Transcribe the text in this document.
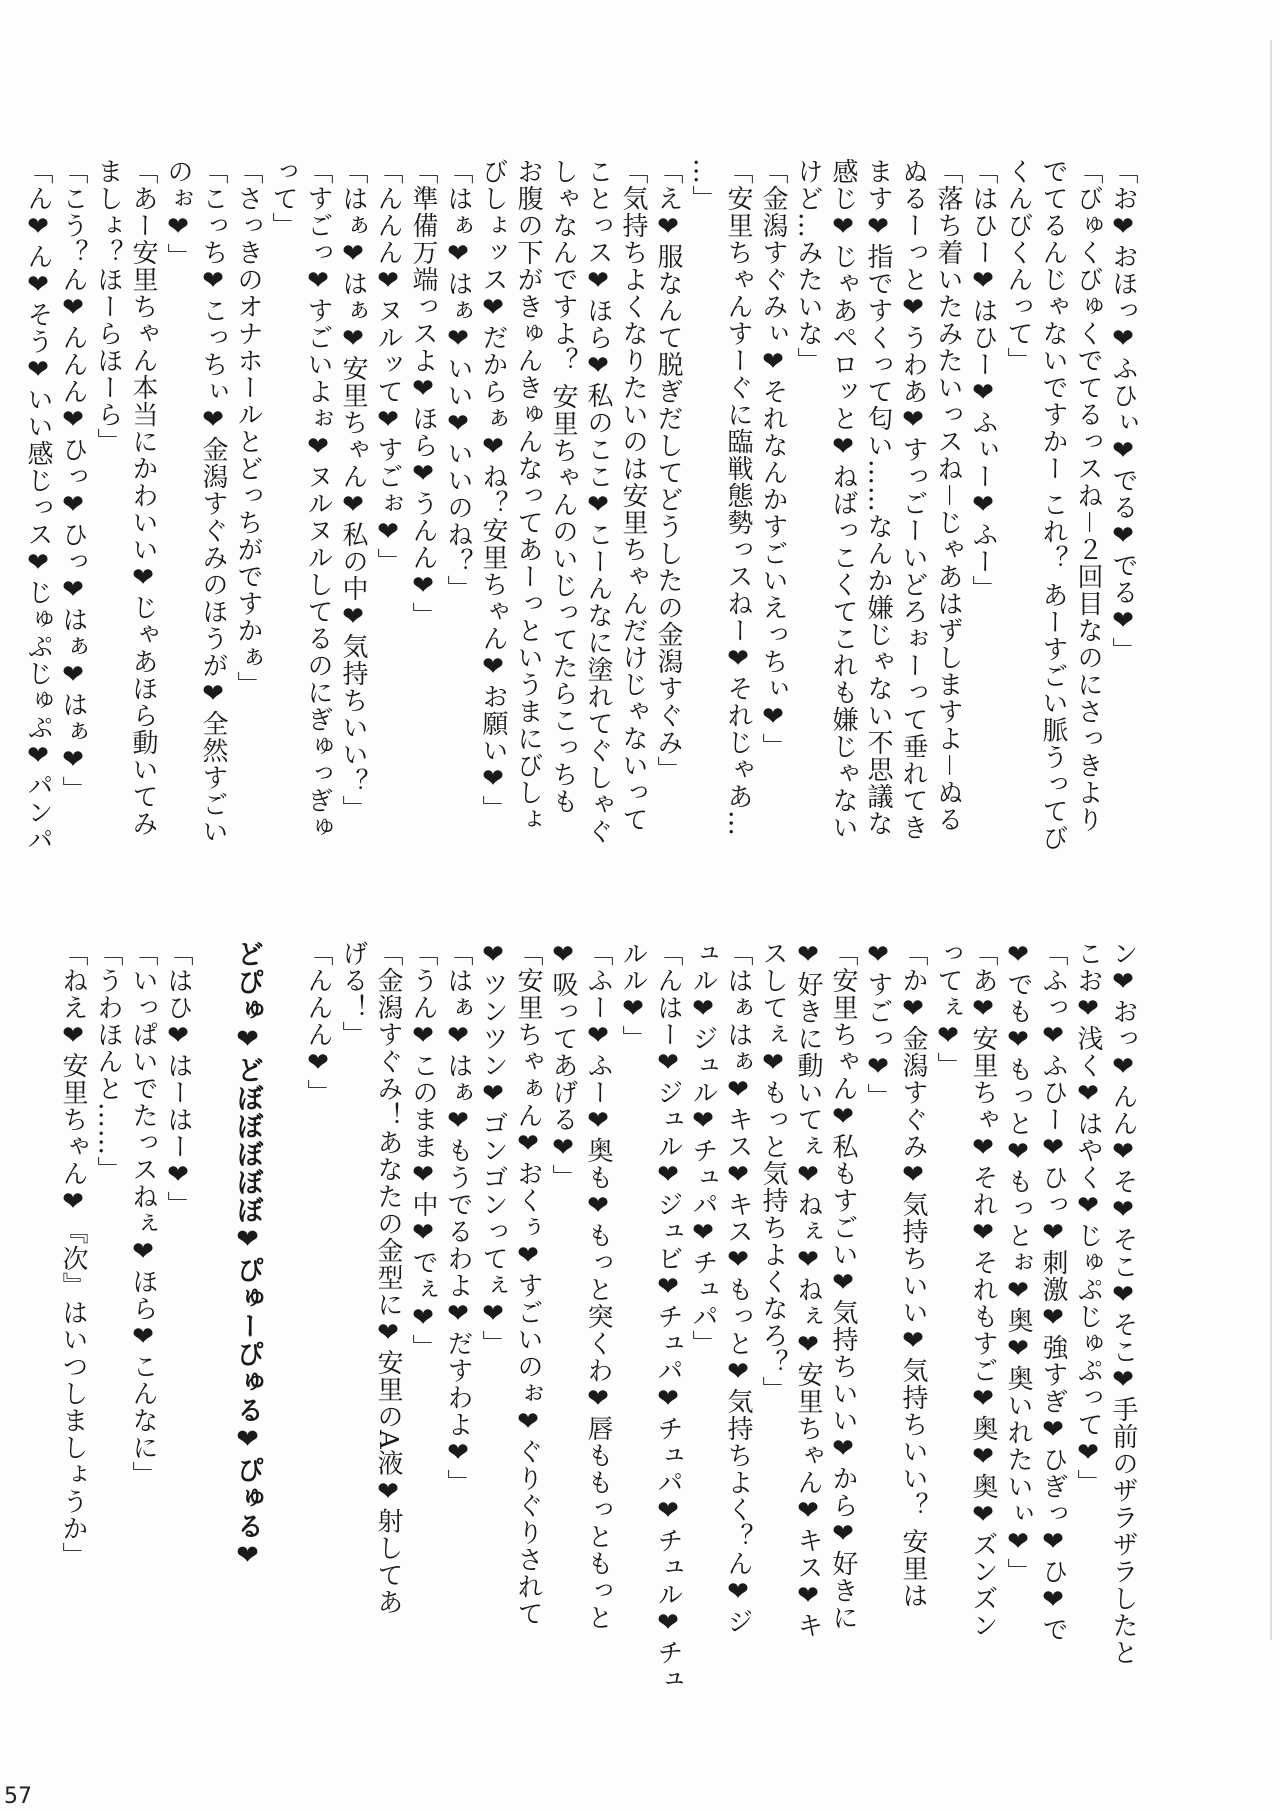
「お❤おほっ❤ふひぃ❤でる❤でる❤」
「びゅくびゅくでてるっスね－２回目なのにさっきより
でてるんじゃないですかー これ？ あーすごい脈うってび
くんびくんって」
「はひー❤はひー❤ふぃー❤ふー」
「落ち着いたみたいっスね－じゃあはずしますよ－ぬる
ぬるーっと❤うわあ❤すっごーいどろぉーって垂れてき
ます❤指ですくって匂い……なんか嫌じゃない不思議な
感じ❤じゃあペロッと❤ねばっこくてこれも嫌じゃない
けど…みたいな」
「金潟すぐみぃ❤それなんかすごいえっちぃ❤」
「安里ちゃんすーぐに臨戦態勢っスねー❤それじゃあ…
…」
「え❤服なんて脱ぎだしてどうしたの金潟すぐみ」
「気持ちよくなりたいのは安里ちゃんだけじゃないって
ことっス❤ほら❤私のここ❤こーんなに塗れてぐしゃぐ
しゃなんですよ？ 安里ちゃんのいじってたらこっちも
お腹の下がきゅんきゅんなってあーっというまにびしょ
びしょッス❤だからぁ❤ね？安里ちゃん❤お願い❤」
「はぁ❤はぁ❤いい❤いいのね？」
「準備万端っスよ❤ほら❤うんん❤」
「んんん❤ヌルッて❤すごぉ❤」
「はぁ❤はぁ❤安里ちゃん❤私の中❤気持ちいい？」
「すごっ❤すごいよぉ❤ヌルヌルしてるのにぎゅっぎゅ
って」
「さっきのオナホールとどっちがですかぁ」
「こっち❤こっちぃ❤金潟すぐみのほうが❤全然すごい
のぉ❤」
「あー安里ちゃん本当にかわいい❤じゃあほら動いてみ
ましょ？ほーらほーら」
「こう？ん❤んんん❤ひっ❤ひっ❤はぁ❤はぁ❤」
「ん❤ん❤そう❤いい感じっス❤じゅぷじゅぷ❤パンパ
ン❤おっ❤んん❤そ❤そこ❤そこ❤手前のザラザラしたと
こお❤浅く❤はやく❤じゅぷじゅぷって❤」
「ふっ❤ふひー❤ひっ❤刺激❤強すぎ❤ひぎっ❤ひ❤で
❤でも❤もっと❤もっとぉ❤奥❤奥いれたいぃ❤」
「あ❤安里ちゃ❤それ❤それもすご❤奥❤奥❤ズンズン
ってぇ❤」
「か❤金潟すぐみ❤気持ちいい❤気持ちいい？ 安里は
❤すごっ❤」
「安里ちゃん❤私もすごい❤気持ちいい❤から❤好きに
❤好きに動いてぇ❤ねぇ❤ねぇ❤安里ちゃん❤キス❤キ
スしてぇ❤もっと気持ちよくなろ？」
「はぁはぁ❤キス❤キス❤もっと❤気持ちよく？ん❤ジ
ュル❤ジュル❤チュパ❤チュパ」
「んはー❤ジュル❤ジュビ❤チュパ❤チュパ❤チュル❤チュ
ルル❤」
「ふー❤ふー❤奥も❤もっと突くわ❤唇ももっともっと
❤吸ってあげる❤」
「安里ちゃぁん❤おくぅ❤すごいのぉ❤ぐりぐりされて
❤ツンツン❤ゴンゴンってぇ❤」
「はぁ❤はぁ❤もうでるわよ❤だすわよ❤」
「うん❤このまま❤中❤でぇ❤」
「金潟すぐみ！あなたの金型に❤安里のA液❤射してあ
げる！」
「んんん❤」

どぴゅ❤どぼぼぼぼぼ❤ぴゅーぴゅる❤ぴゅる❤

「はひ❤はーはー❤」
「いっぱいでたっスねぇ❤ほら❤こんなに」
「うわほんと……」
「ねえ❤安里ちゃん❤『次』はいつしましょうか」
57
